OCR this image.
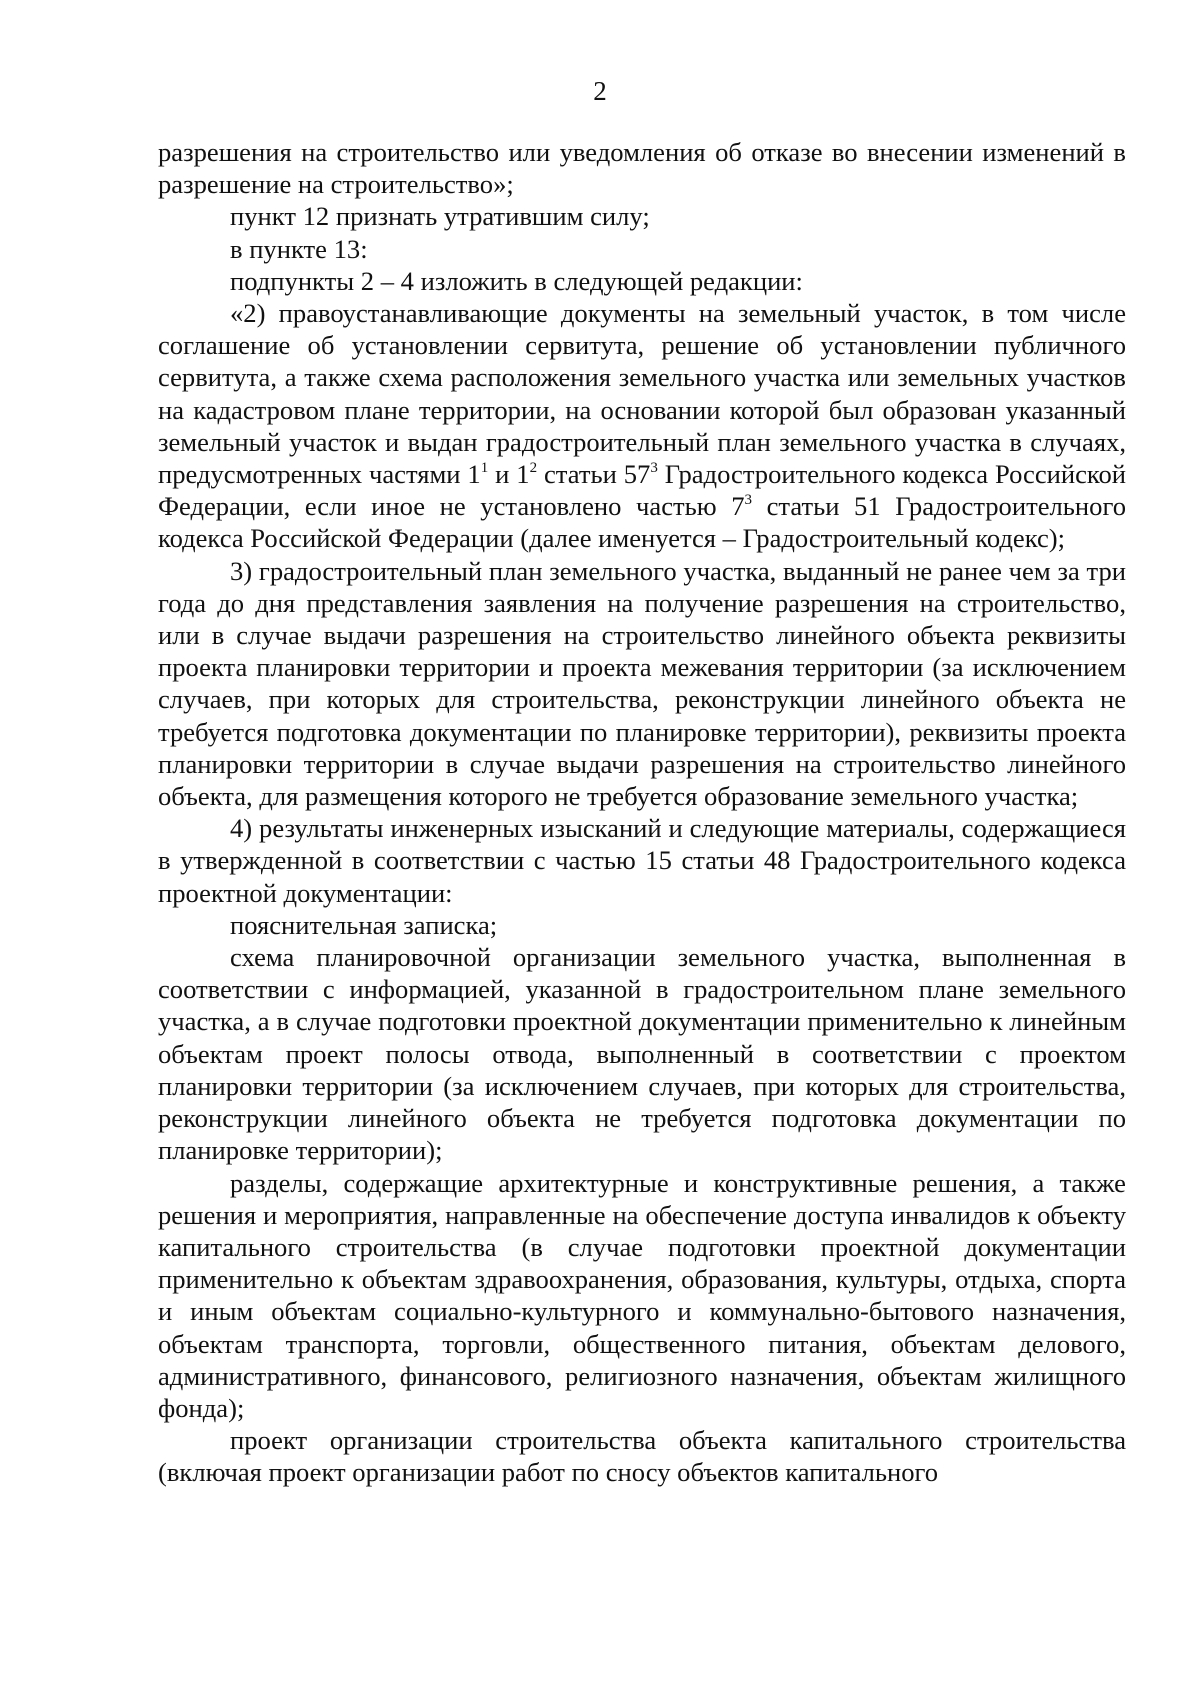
2

разрешения на строительство или уведомления об отказе во внесении изменений в разрешение на строительство»;

пункт 12 признать утратившим силу;

в пункте 13:

подпункты 2 – 4 изложить в следующей редакции:

«2) правоустанавливающие документы на земельный участок, в том числе соглашение об установлении сервитута, решение об установлении публичного сервитута, а также схема расположения земельного участка или земельных участков на кадастровом плане территории, на основании которой был образован указанный земельный участок и выдан градостроительный план земельного участка в случаях, предусмотренных частями $1^1$ и $1^2$ статьи $57^3$ Градостроительного кодекса Российской Федерации, если иное не установлено частью $7^3$ статьи 51 Градостроительного кодекса Российской Федерации (далее именуется – Градостроительный кодекс);

3) градостроительный план земельного участка, выданный не ранее чем за три года до дня представления заявления на получение разрешения на строительство, или в случае выдачи разрешения на строительство линейного объекта реквизиты проекта планировки территории и проекта межевания территории (за исключением случаев, при которых для строительства, реконструкции линейного объекта не требуется подготовка документации по планировке территории), реквизиты проекта планировки территории в случае выдачи разрешения на строительство линейного объекта, для размещения которого не требуется образование земельного участка;

4) результаты инженерных изысканий и следующие материалы, содержащиеся в утвержденной в соответствии с частью 15 статьи 48 Градостроительного кодекса проектной документации:

пояснительная записка;

схема планировочной организации земельного участка, выполненная в соответствии с информацией, указанной в градостроительном плане земельного участка, а в случае подготовки проектной документации применительно к линейным объектам проект полосы отвода, выполненный в соответствии с проектом планировки территории (за исключением случаев, при которых для строительства, реконструкции линейного объекта не требуется подготовка документации по планировке территории);

разделы, содержащие архитектурные и конструктивные решения, а также решения и мероприятия, направленные на обеспечение доступа инвалидов к объекту капитального строительства (в случае подготовки проектной документации применительно к объектам здравоохранения, образования, культуры, отдыха, спорта и иным объектам социально-культурного и коммунально-бытового назначения, объектам транспорта, торговли, общественного питания, объектам делового, административного, финансового, религиозного назначения, объектам жилищного фонда);

проект организации строительства объекта капитального строительства (включая проект организации работ по сносу объектов капитального
